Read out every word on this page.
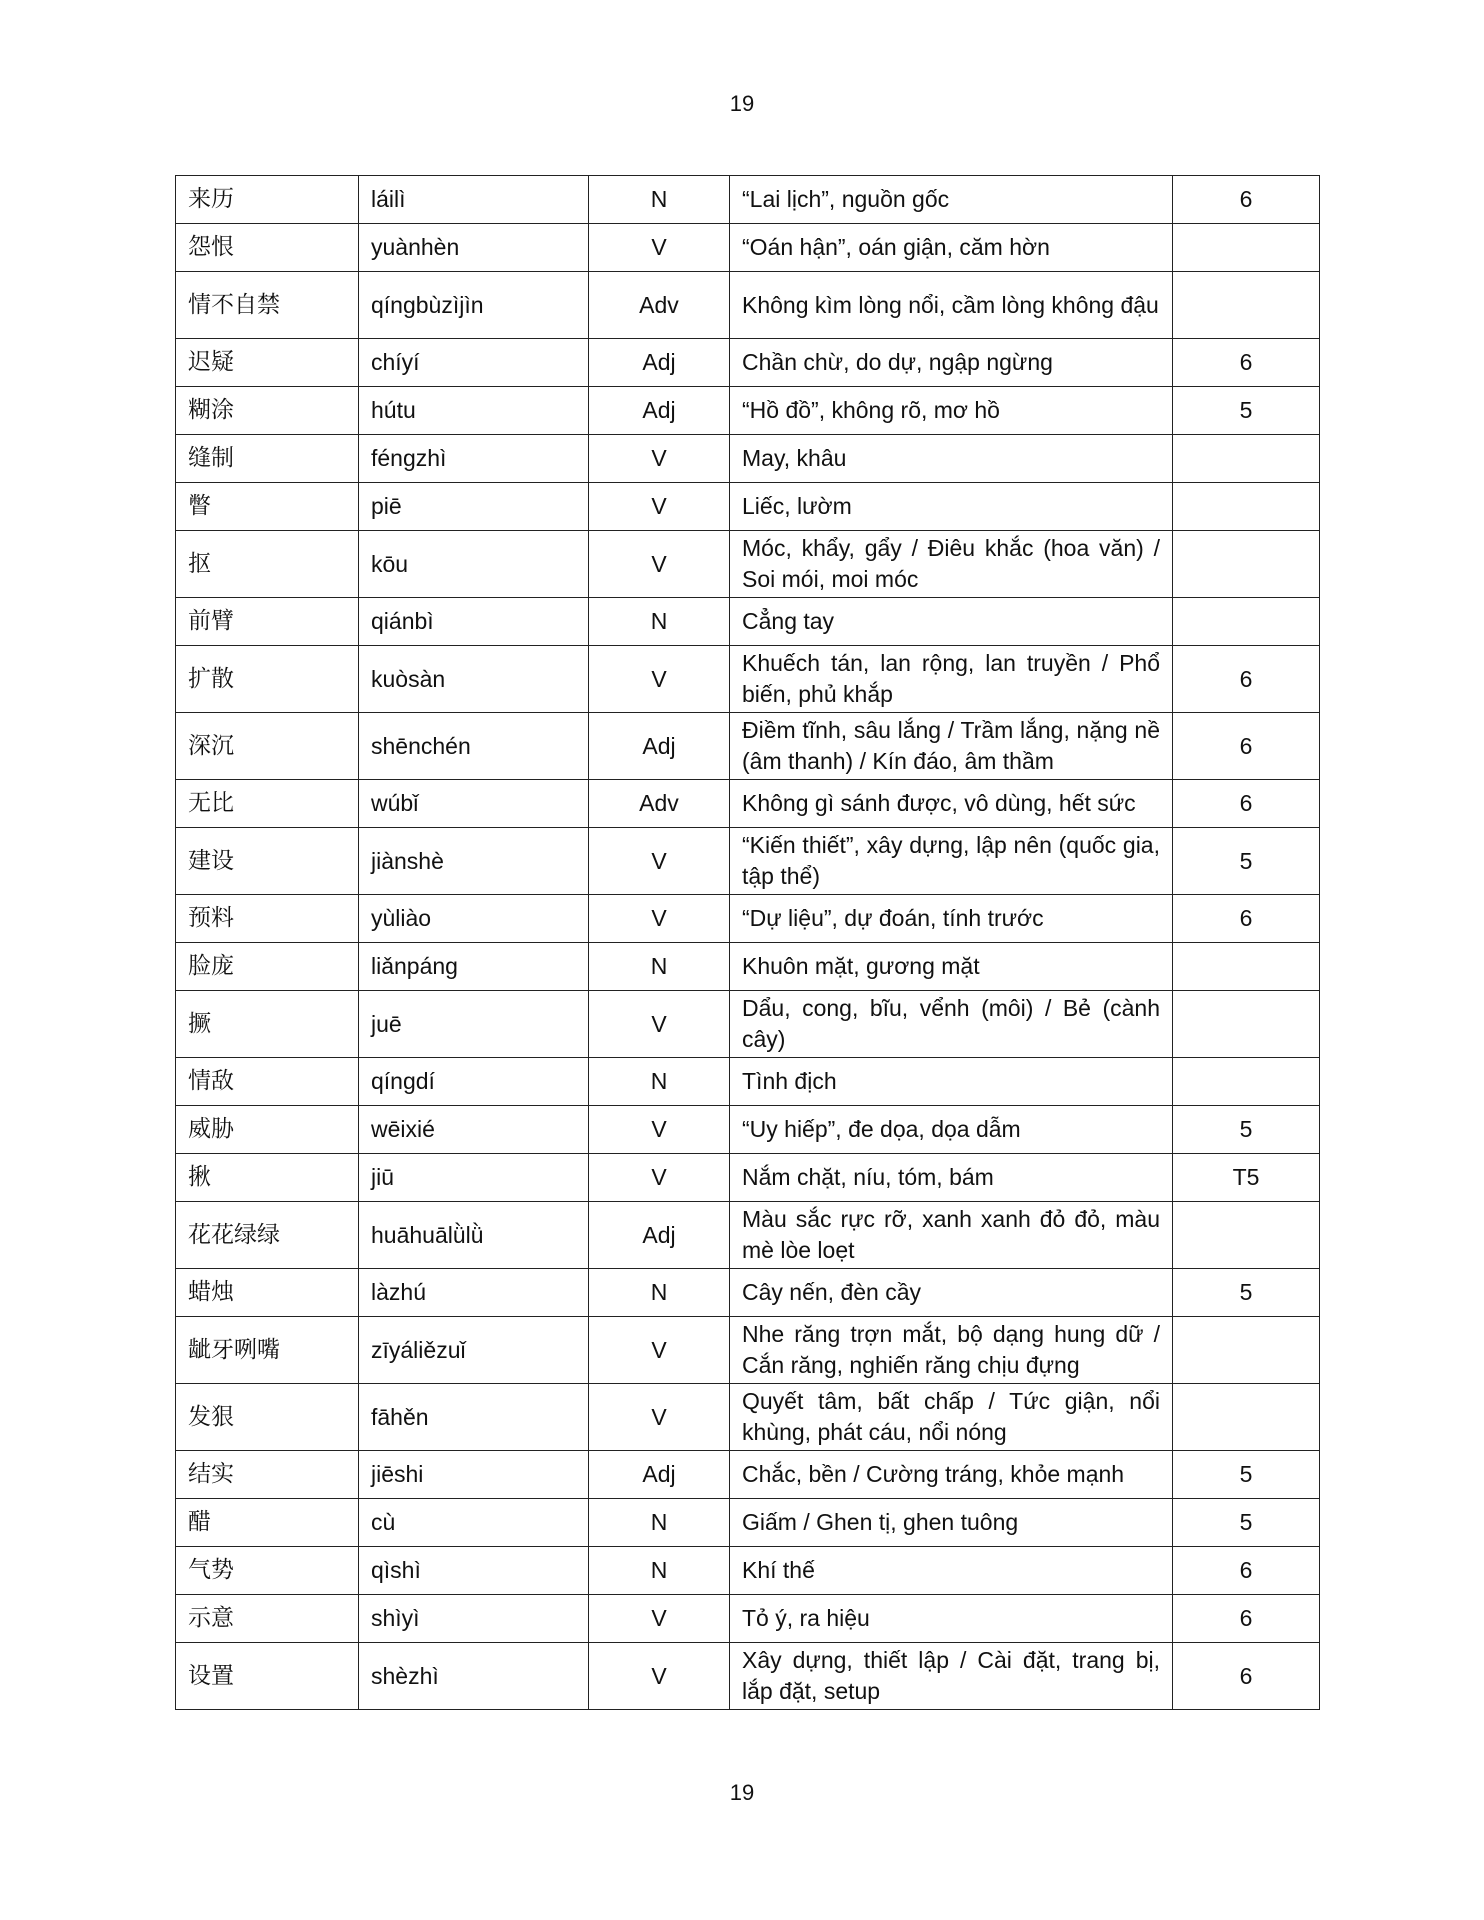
19
来历	láilì	N	“Lai lịch”, nguồn gốc	6
怨恨	yuànhèn	V	“Oán hận”, oán giận, căm hờn	
情不自禁	qíngbùzìjìn	Adv	Không kìm lòng nổi, cầm lòng không đậu	
迟疑	chíyí	Adj	Chần chừ, do dự, ngập ngừng	6
糊涂	hútu	Adj	“Hồ đồ”, không rõ, mơ hồ	5
缝制	féngzhì	V	May, khâu	
瞥	piē	V	Liếc, lườm	
抠	kōu	V	Móc, khẩy, gẩy / Điêu khắc (hoa văn) / Soi mói, moi móc	
前臂	qiánbì	N	Cẳng tay	
扩散	kuòsàn	V	Khuếch tán, lan rộng, lan truyền / Phổ biến, phủ khắp	6
深沉	shēnchén	Adj	Điềm tĩnh, sâu lắng / Trầm lắng, nặng nề (âm thanh) / Kín đáo, âm thầm	6
无比	wúbǐ	Adv	Không gì sánh được, vô dùng, hết sức	6
建设	jiànshè	V	“Kiến thiết”, xây dựng, lập nên (quốc gia, tập thể)	5
预料	yùliào	V	“Dự liệu”, dự đoán, tính trước	6
脸庞	liǎnpáng	N	Khuôn mặt, gương mặt	
撅	juē	V	Dẩu, cong, bĩu, vểnh (môi) / Bẻ (cành cây)	
情敌	qíngdí	N	Tình địch	
威胁	wēixié	V	“Uy hiếp”, đe dọa, dọa dẫm	5
揪	jiū	V	Nắm chặt, níu, tóm, bám	T5
花花绿绿	huāhuālǜlǜ	Adj	Màu sắc rực rỡ, xanh xanh đỏ đỏ, màu mè lòe loẹt	
蜡烛	làzhú	N	Cây nến, đèn cầy	5
龇牙咧嘴	zīyáliězuǐ	V	Nhe răng trợn mắt, bộ dạng hung dữ / Cắn răng, nghiến răng chịu đựng	
发狠	fāhěn	V	Quyết tâm, bất chấp / Tức giận, nổi khùng, phát cáu, nổi nóng	
结实	jiēshi	Adj	Chắc, bền / Cường tráng, khỏe mạnh	5
醋	cù	N	Giấm / Ghen tị, ghen tuông	5
气势	qìshì	N	Khí thế	6
示意	shìyì	V	Tỏ ý, ra hiệu	6
设置	shèzhì	V	Xây dựng, thiết lập / Cài đặt, trang bị, lắp đặt, setup	6
19
